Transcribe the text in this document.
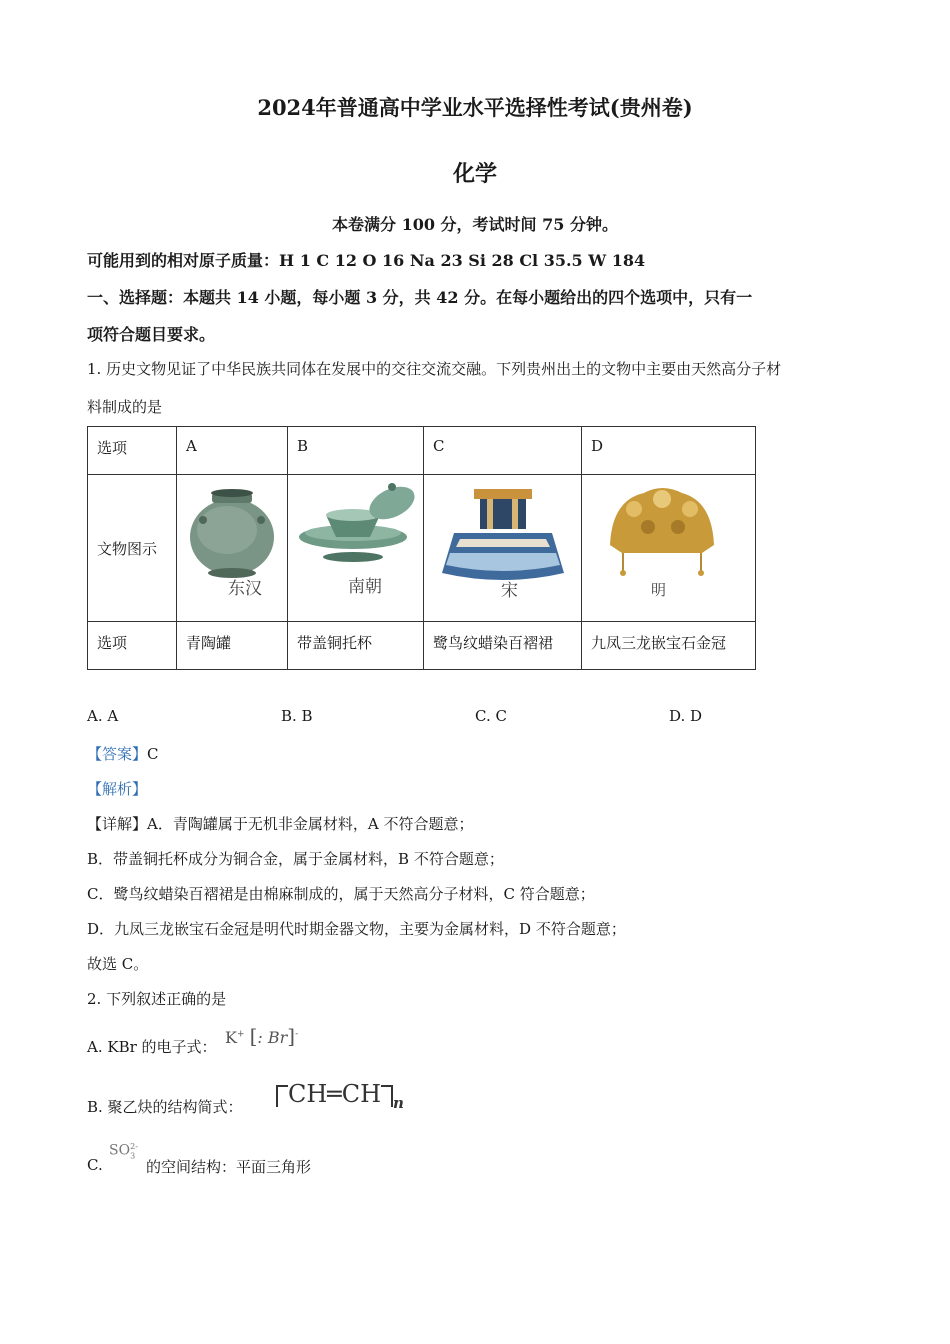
2024年普通高中学业水平选择性考试(贵州卷)
化学
本卷满分 100 分，考试时间 75 分钟。
可能用到的相对原子质量：H 1 C 12 O 16 Na 23 Si 28 Cl 35.5 W 184
一、选择题：本题共 14 小题，每小题 3 分，共 42 分。在每小题给出的四个选项中，只有一
项符合题目要求。
1. 历史文物见证了中华民族共同体在发展中的交往交流交融。下列贵州出土的文物中主要由天然高分子材
料制成的是
选项	A	B	C	D
文物图示	东汉	南朝	宋	明

选项	青陶罐	带盖铜托杯	鹭鸟纹蜡染百褶裙	九凤三龙嵌宝石金冠
A. A	B. B	C. C	D. D
【答案】C
【解析】
【详解】A．青陶罐属于无机非金属材料，A 不符合题意；
B．带盖铜托杯成分为铜合金，属于金属材料，B 不符合题意；
C．鹭鸟纹蜡染百褶裙是由棉麻制成的，属于天然高分子材料，C 符合题意；
D．九凤三龙嵌宝石金冠是明代时期金器文物，主要为金属材料，D 不符合题意；
故选 C。
2. 下列叙述正确的是
A. KBr 的电子式： K+ [: Br]-
B. 聚乙炔的结构简式：	CH═CH $_n$
C.
$SO_3^{2-}$
的空间结构：平面三角形
